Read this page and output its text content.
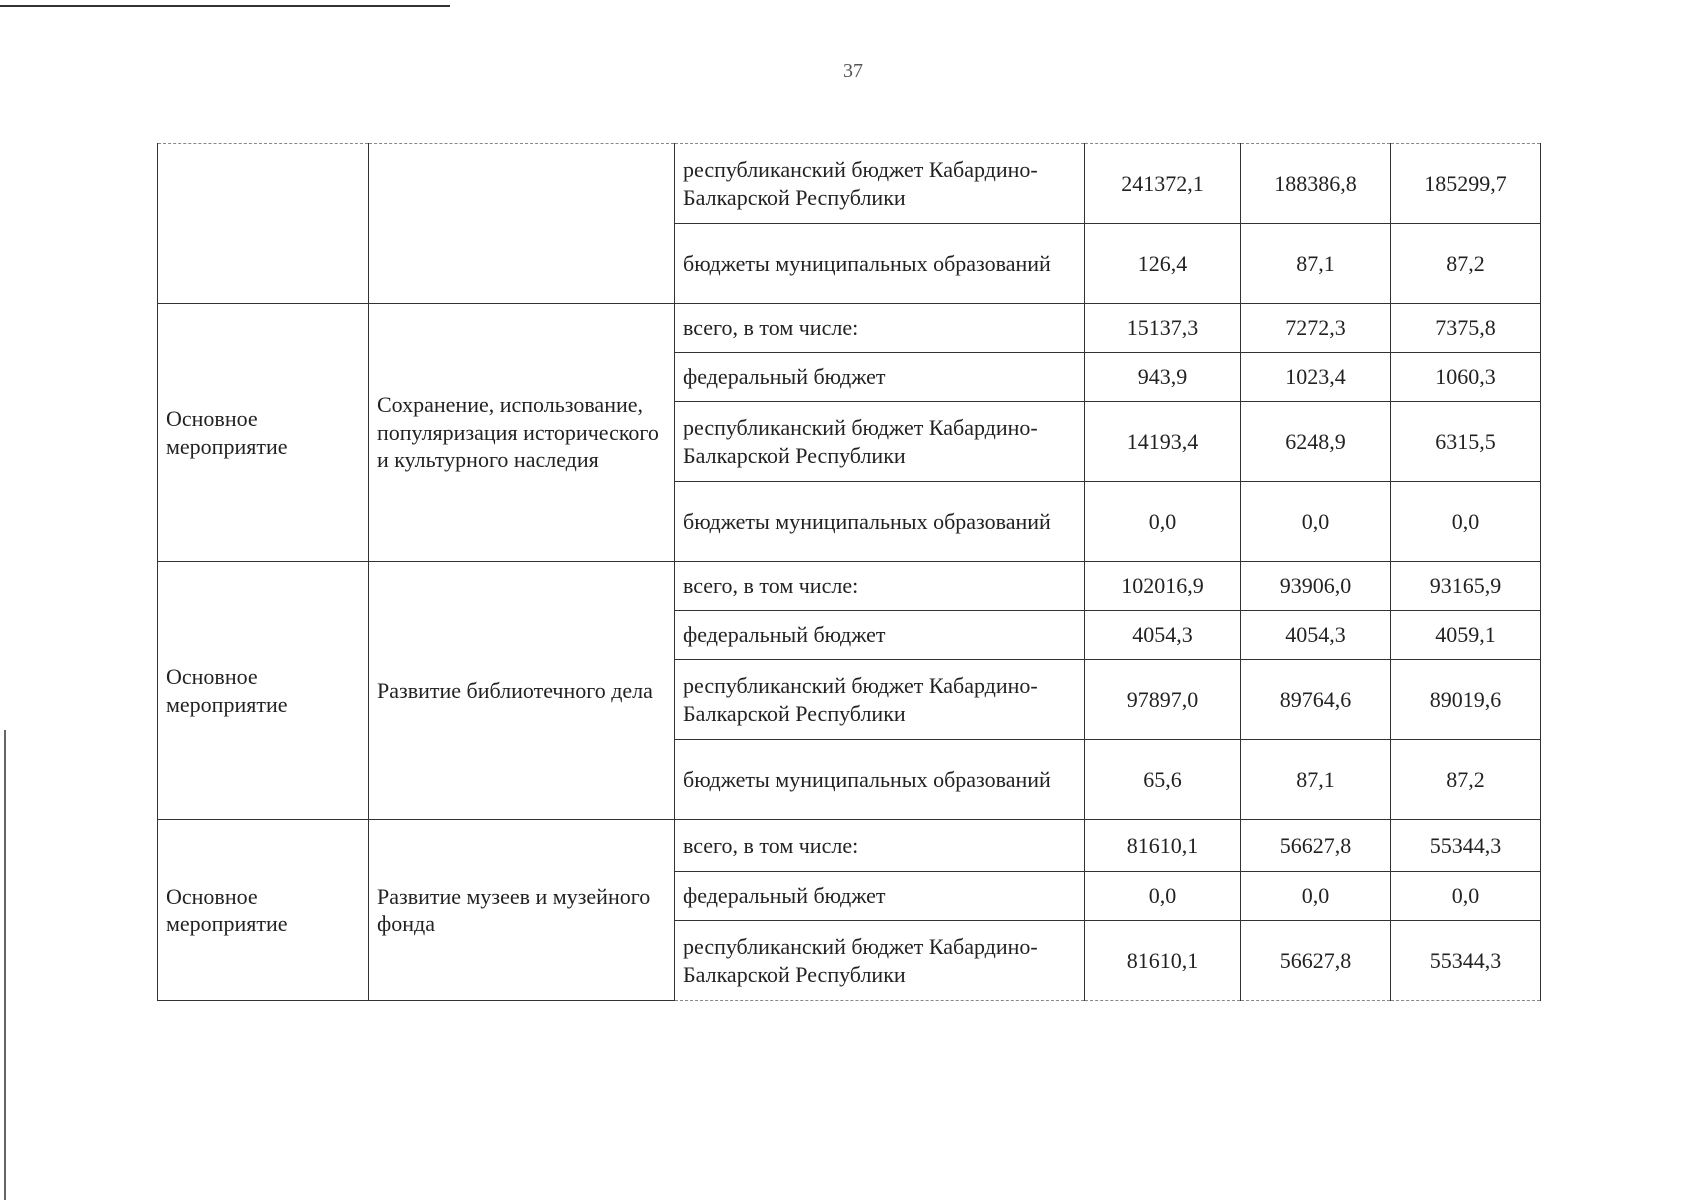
37
		республиканский бюджет Кабардино-Балкарской Республики	241372,1	188386,8	185299,7
		бюджеты муниципальных образований	126,4	87,1	87,2
Основное мероприятие	Сохранение, использование, популяризация исторического и культурного наследия	всего, в том числе:	15137,3	7272,3	7375,8
		федеральный бюджет	943,9	1023,4	1060,3
		республиканский бюджет Кабардино-Балкарской Республики	14193,4	6248,9	6315,5
		бюджеты муниципальных образований	0,0	0,0	0,0
Основное мероприятие	Развитие библиотечного дела	всего, в том числе:	102016,9	93906,0	93165,9
		федеральный бюджет	4054,3	4054,3	4059,1
		республиканский бюджет Кабардино-Балкарской Республики	97897,0	89764,6	89019,6
		бюджеты муниципальных образований	65,6	87,1	87,2
Основное мероприятие	Развитие музеев и музейного фонда	всего, в том числе:	81610,1	56627,8	55344,3
		федеральный бюджет	0,0	0,0	0,0
		республиканский бюджет Кабардино-Балкарской Республики	81610,1	56627,8	55344,3
